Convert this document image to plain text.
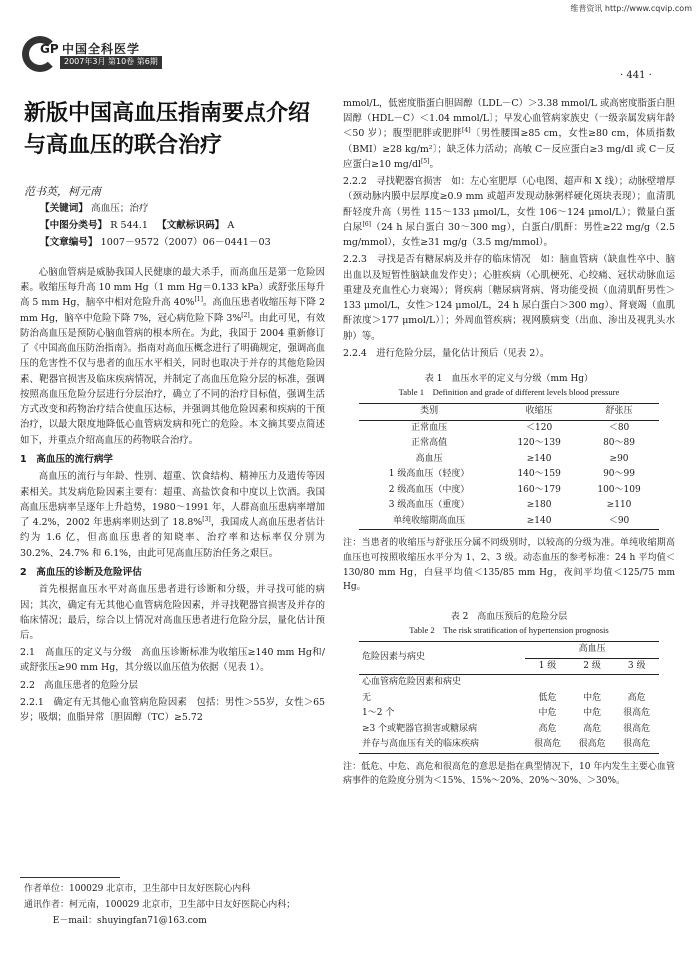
维普资讯 http://www.cqvip.com
GP 中国全科医学
2007年3月 第10卷 第6期
· 441 ·
新版中国高血压指南要点介绍与高血压的联合治疗
范书英，柯元南
【关键词】 高血压；治疗
【中图分类号】 R 544.1 【文献标识码】 A
【文章编号】 1007－9572（2007）06－0441－03

心脑血管病是威胁我国人民健康的最大杀手，而高血压是第一危险因素。收缩压每升高 10 mm Hg（1 mm Hg＝0.133 kPa）或舒张压每升高 5 mm Hg，脑卒中相对危险升高 40%[1]。高血压患者收缩压每下降 2 mm Hg，脑卒中危险下降 7%，冠心病危险下降 3%[2]。由此可见，有效防治高血压是预防心脑血管病的根本所在。为此，我国于 2004 重新修订了《中国高血压防治指南》。指南对高血压概念进行了明确规定，强调高血压的危害性不仅与患者的血压水平相关，同时也取决于并存的其他危险因素、靶器官损害及临床疾病情况，并制定了高血压危险分层的标准，强调按照高血压危险分层进行分层治疗，确立了不同的治疗目标值，强调生活方式改变和药物治疗结合使血压达标，并强调其他危险因素和疾病的干预治疗，以最大限度地降低心血管病发病和死亡的危险。本文摘其要点简述如下，并重点介绍高血压的药物联合治疗。

1　高血压的流行病学

高血压的流行与年龄、性别、超重、饮食结构、精神压力及遗传等因素相关。其发病危险因素主要有：超重、高盐饮食和中度以上饮酒。我国高血压患病率呈逐年上升趋势，1980～1991 年，人群高血压患病率增加了 4.2%，2002 年患病率则达到了 18.8%[3]，我国成人高血压患者估计约为 1.6 亿，但高血压患者的知晓率、治疗率和达标率仅分别为 30.2%、24.7% 和 6.1%，由此可见高血压防治任务之艰巨。

2　高血压的诊断及危险评估

首先根据血压水平对高血压患者进行诊断和分级，并寻找可能的病因；其次，确定有无其他心血管病危险因素，并寻找靶器官损害及并存的临床情况；最后，综合以上情况对高血压患者进行危险分层，量化估计预后。

2.1　高血压的定义与分级　高血压诊断标准为收缩压≥140 mm Hg和/或舒张压≥90 mm Hg，其分级以血压值为依据（见表 1）。

2.2　高血压患者的危险分层

2.2.1　确定有无其他心血管病危险因素　包括：男性＞55岁，女性＞65岁；吸烟；血脂异常〔胆固醇（TC）≥5.72

作者单位：100029 北京市，卫生部中日友好医院心内科
通讯作者：柯元南，100029 北京市，卫生部中日友好医院心内科；
E－mail：shuyingfan71@163.com

mmol/L，低密度脂蛋白胆固醇（LDL－C）＞3.38 mmol/L 或高密度脂蛋白胆固醇（HDL－C）＜1.04 mmol/L〕；早发心血管病家族史（一级亲属发病年龄＜50 岁）；腹型肥胖或肥胖[4]〔男性腰围≥85 cm，女性≥80 cm，体质指数（BMI）≥28 kg/m²〕；缺乏体力活动；高敏 C－反应蛋白≥3 mg/dl 或 C－反应蛋白≥10 mg/dl[5]。

2.2.2　寻找靶器官损害　如：左心室肥厚（心电图、超声和 X 线）；动脉壁增厚（颈动脉内膜中层厚度≥0.9 mm 或超声发现动脉粥样硬化斑块表现）；血清肌酐轻度升高（男性 115～133 μmol/L，女性 106～124 μmol/L）；微量白蛋白尿[6]（24 h 尿白蛋白 30～300 mg），白蛋白/肌酐：男性≥22 mg/g（2.5 mg/mmol），女性≥31 mg/g（3.5 mg/mmol）。

2.2.3　寻找是否有糖尿病及并存的临床情况　如：脑血管病（缺血性卒中、脑出血以及短暂性脑缺血发作史）；心脏疾病（心肌梗死、心绞痛、冠状动脉血运重建及充血性心力衰竭）；肾疾病〔糖尿病肾病、肾功能受损（血清肌酐男性＞133 μmol/L，女性＞124 μmol/L，24 h 尿白蛋白＞300 mg）、肾衰竭（血肌酐浓度＞177 μmol/L）〕；外周血管疾病；视网膜病变（出血、渗出及视乳头水肿）等。

2.2.4　进行危险分层，量化估计预后（见表 2）。

表 1　血压水平的定义与分级（mm Hg）
Table 1　Definition and grade of different levels blood pressure
类别	收缩压	舒张压
正常血压	＜120	＜80
正常高值	120～139	80～89
高血压	≥140	≥90
1 级高血压（轻度）	140～159	90～99
2 级高血压（中度）	160～179	100～109
3 级高血压（重度）	≥180	≥110
单纯收缩期高血压	≥140	＜90

注：当患者的收缩压与舒张压分属不同级别时，以较高的分级为准。单纯收缩期高血压也可按照收缩压水平分为 1、2、3 级。动态血压的参考标准：24 h 平均值＜130/80 mm Hg，白昼平均值＜135/85 mm Hg，夜间平均值＜125/75 mm Hg。

表 2　高血压预后的危险分层
Table 2　The risk stratification of hypertension prognosis
危险因素与病史	高血压		
	1 级	2 级	3 级
心血管病危险因素和病史			
无	低危	中危	高危
1～2 个	中危	中危	很高危
≥3 个或靶器官损害或糖尿病	高危	高危	很高危
并存与高血压有关的临床疾病	很高危	很高危	很高危

注：低危、中危、高危和很高危的意思是指在典型情况下，10 年内发生主要心血管病事件的危险度分别为＜15%、15%～20%、20%～30%、＞30%。
